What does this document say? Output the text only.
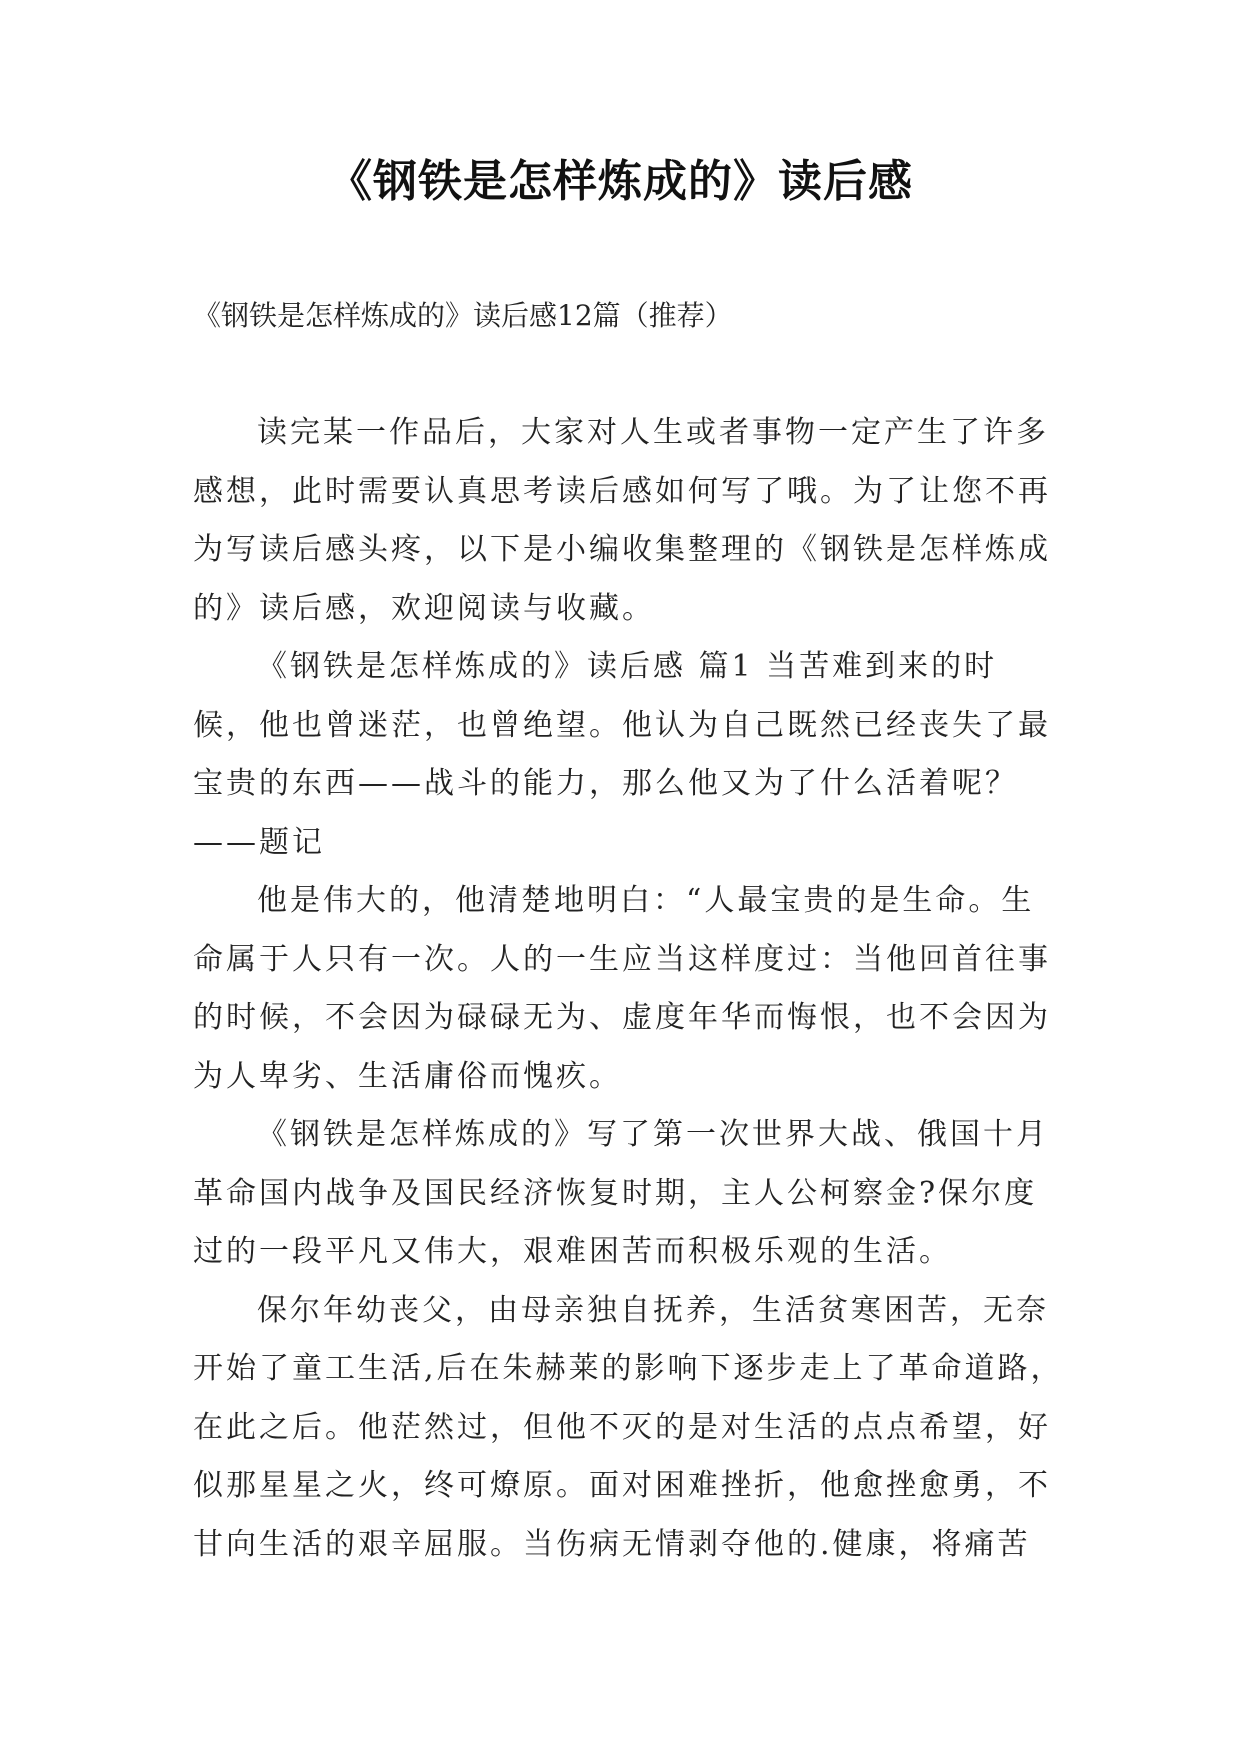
《钢铁是怎样炼成的》读后感
《钢铁是怎样炼成的》读后感12篇（推荐）
读完某一作品后，大家对人生或者事物一定产生了许多
感想，此时需要认真思考读后感如何写了哦。为了让您不再
为写读后感头疼，以下是小编收集整理的《钢铁是怎样炼成
的》读后感，欢迎阅读与收藏。
《钢铁是怎样炼成的》读后感 篇1 当苦难到来的时
候，他也曾迷茫，也曾绝望。他认为自己既然已经丧失了最
宝贵的东西——战斗的能力，那么他又为了什么活着呢？
——题记
他是伟大的，他清楚地明白：“人最宝贵的是生命。生
命属于人只有一次。人的一生应当这样度过：当他回首往事
的时候，不会因为碌碌无为、虚度年华而悔恨，也不会因为
为人卑劣、生活庸俗而愧疚。
《钢铁是怎样炼成的》写了第一次世界大战、俄国十月
革命国内战争及国民经济恢复时期，主人公柯察金?保尔度
过的一段平凡又伟大，艰难困苦而积极乐观的生活。
保尔年幼丧父，由母亲独自抚养，生活贫寒困苦，无奈
开始了童工生活,后在朱赫莱的影响下逐步走上了革命道路，
在此之后。他茫然过，但他不灭的是对生活的点点希望，好
似那星星之火，终可燎原。面对困难挫折，他愈挫愈勇，不
甘向生活的艰辛屈服。当伤病无情剥夺他的.健康，将痛苦
